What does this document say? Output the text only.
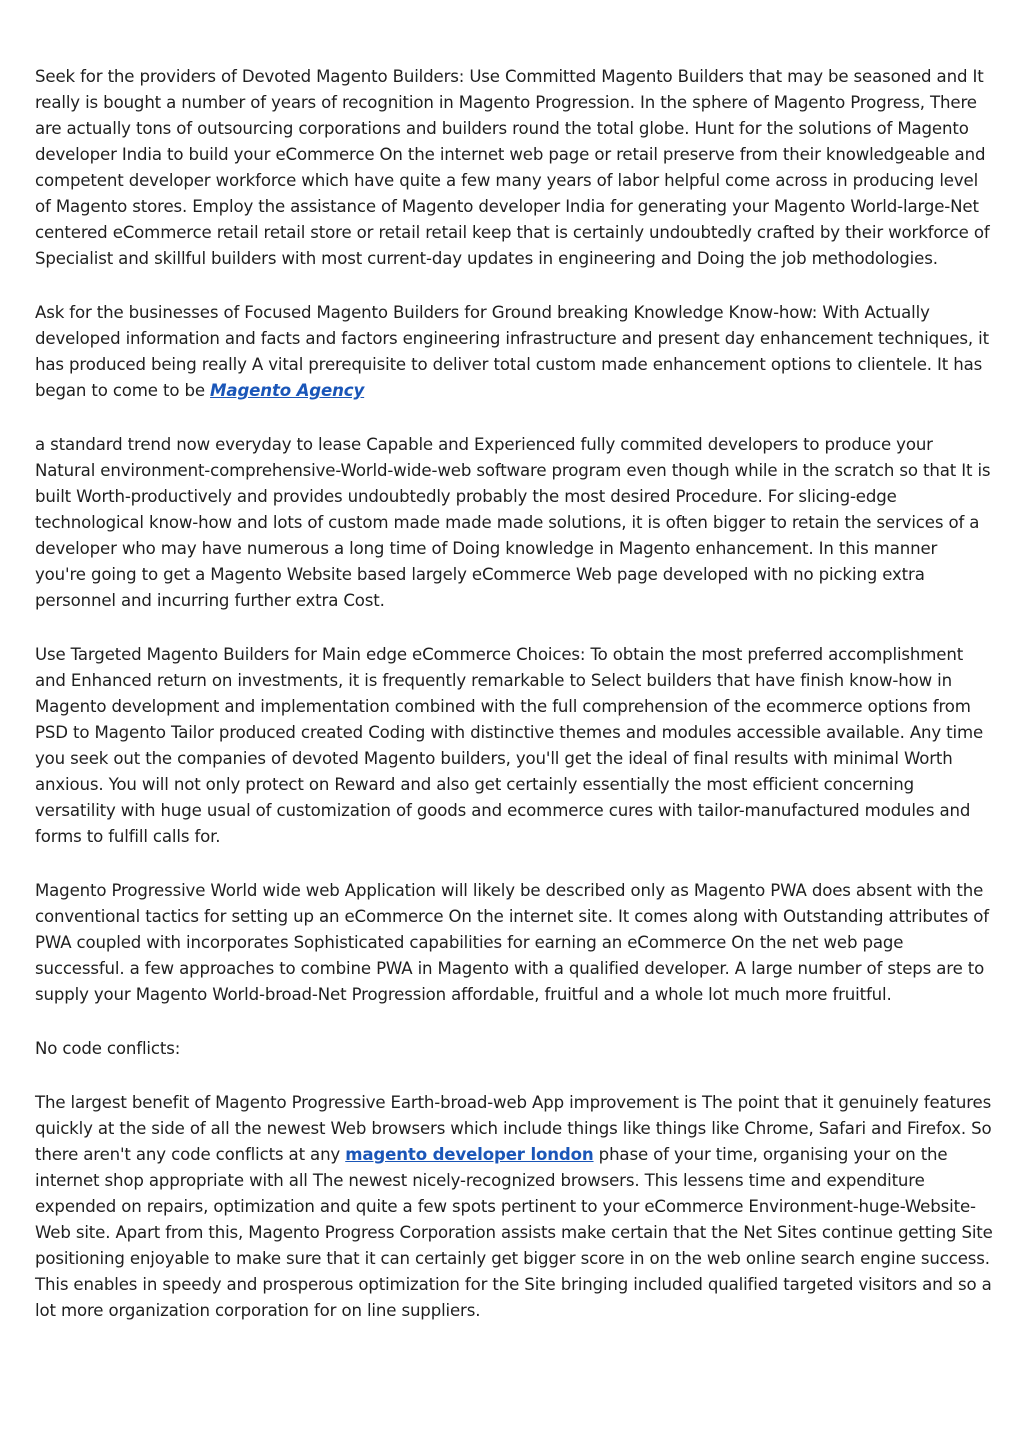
Seek for the providers of Devoted Magento Builders: Use Committed Magento Builders that may be seasoned and It really is bought a number of years of recognition in Magento Progression. In the sphere of Magento Progress, There are actually tons of outsourcing corporations and builders round the total globe. Hunt for the solutions of Magento developer India to build your eCommerce On the internet web page or retail preserve from their knowledgeable and competent developer workforce which have quite a few many years of labor helpful come across in producing level of Magento stores. Employ the assistance of Magento developer India for generating your Magento World-large-Net centered eCommerce retail retail store or retail retail keep that is certainly undoubtedly crafted by their workforce of Specialist and skillful builders with most current-day updates in engineering and Doing the job methodologies.

Ask for the businesses of Focused Magento Builders for Ground breaking Knowledge Know-how: With Actually developed information and facts and factors engineering infrastructure and present day enhancement techniques, it has produced being really A vital prerequisite to deliver total custom made enhancement options to clientele. It has began to come to be Magento Agency

a standard trend now everyday to lease Capable and Experienced fully commited developers to produce your Natural environment-comprehensive-World-wide-web software program even though while in the scratch so that It is built Worth-productively and provides undoubtedly probably the most desired Procedure. For slicing-edge technological know-how and lots of custom made made made solutions, it is often bigger to retain the services of a developer who may have numerous a long time of Doing knowledge in Magento enhancement. In this manner you're going to get a Magento Website based largely eCommerce Web page developed with no picking extra personnel and incurring further extra Cost.

Use Targeted Magento Builders for Main edge eCommerce Choices: To obtain the most preferred accomplishment and Enhanced return on investments, it is frequently remarkable to Select builders that have finish know-how in Magento development and implementation combined with the full comprehension of the ecommerce options from PSD to Magento Tailor produced created Coding with distinctive themes and modules accessible available. Any time you seek out the companies of devoted Magento builders, you'll get the ideal of final results with minimal Worth anxious. You will not only protect on Reward and also get certainly essentially the most efficient concerning versatility with huge usual of customization of goods and ecommerce cures with tailor-manufactured modules and forms to fulfill calls for.

Magento Progressive World wide web Application will likely be described only as Magento PWA does absent with the conventional tactics for setting up an eCommerce On the internet site. It comes along with Outstanding attributes of PWA coupled with incorporates Sophisticated capabilities for earning an eCommerce On the net web page successful. a few approaches to combine PWA in Magento with a qualified developer. A large number of steps are to supply your Magento World-broad-Net Progression affordable, fruitful and a whole lot much more fruitful.

No code conflicts:

The largest benefit of Magento Progressive Earth-broad-web App improvement is The point that it genuinely features quickly at the side of all the newest Web browsers which include things like things like Chrome, Safari and Firefox. So there aren't any code conflicts at any magento developer london phase of your time, organising your on the internet shop appropriate with all The newest nicely-recognized browsers. This lessens time and expenditure expended on repairs, optimization and quite a few spots pertinent to your eCommerce Environment-huge-Website-Web site. Apart from this, Magento Progress Corporation assists make certain that the Net Sites continue getting Site positioning enjoyable to make sure that it can certainly get bigger score in on the web online search engine success. This enables in speedy and prosperous optimization for the Site bringing included qualified targeted visitors and so a lot more organization corporation for on line suppliers.
